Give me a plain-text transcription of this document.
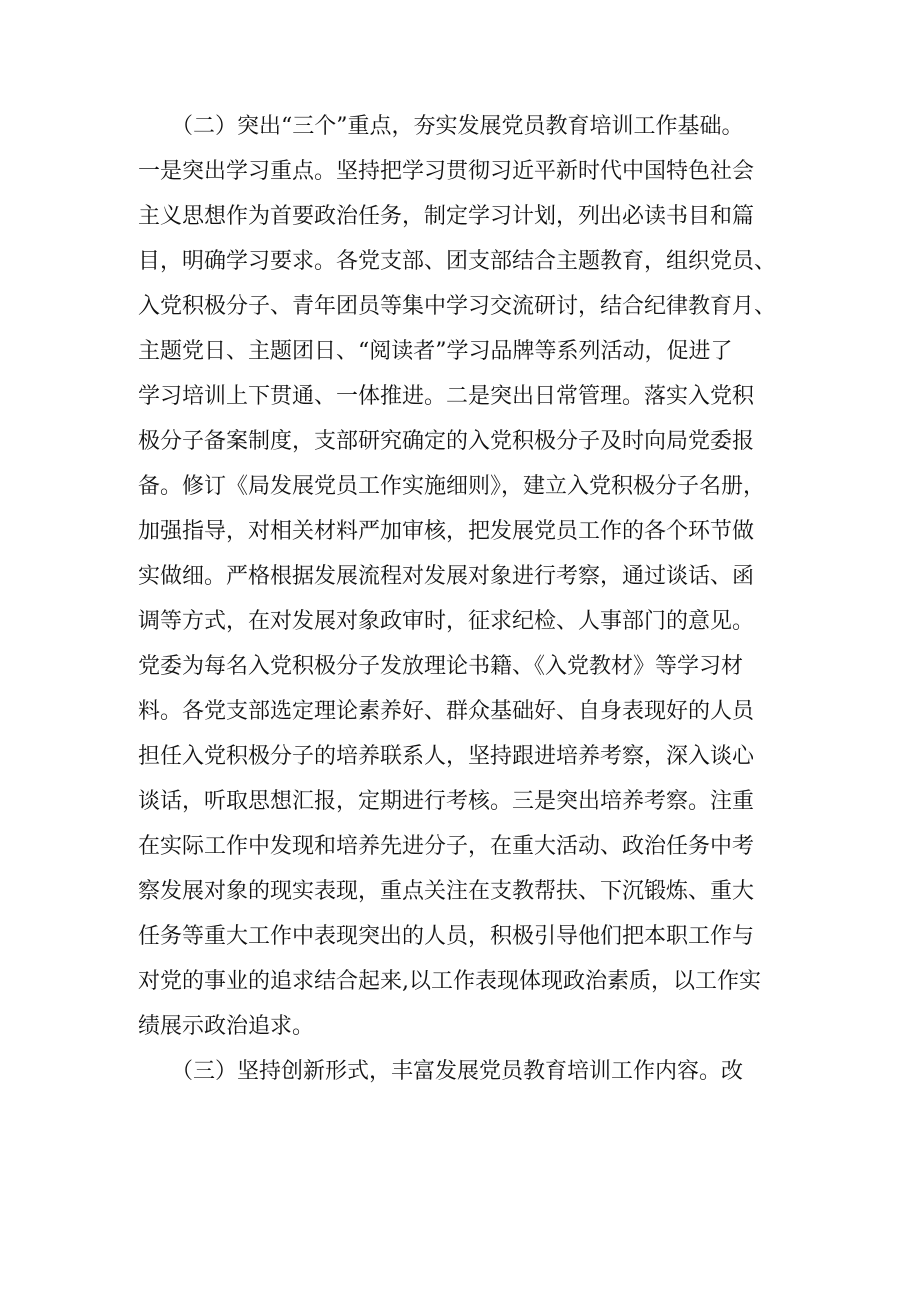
　　（二）突出“三个”重点，夯实发展党员教育培训工作基础。
一是突出学习重点。坚持把学习贯彻习近平新时代中国特色社会
主义思想作为首要政治任务，制定学习计划，列出必读书目和篇
目，明确学习要求。各党支部、团支部结合主题教育，组织党员、
入党积极分子、青年团员等集中学习交流研讨，结合纪律教育月、
主题党日、主题团日、“阅读者”学习品牌等系列活动，促进了
学习培训上下贯通、一体推进。二是突出日常管理。落实入党积
极分子备案制度，支部研究确定的入党积极分子及时向局党委报
备。修订《局发展党员工作实施细则》，建立入党积极分子名册，
加强指导，对相关材料严加审核，把发展党员工作的各个环节做
实做细。严格根据发展流程对发展对象进行考察，通过谈话、函
调等方式，在对发展对象政审时，征求纪检、人事部门的意见。
党委为每名入党积极分子发放理论书籍、《入党教材》等学习材
料。各党支部选定理论素养好、群众基础好、自身表现好的人员
担任入党积极分子的培养联系人，坚持跟进培养考察，深入谈心
谈话，听取思想汇报，定期进行考核。三是突出培养考察。注重
在实际工作中发现和培养先进分子，在重大活动、政治任务中考
察发展对象的现实表现，重点关注在支教帮扶、下沉锻炼、重大
任务等重大工作中表现突出的人员，积极引导他们把本职工作与
对党的事业的追求结合起来,以工作表现体现政治素质，以工作实
绩展示政治追求。
　　（三）坚持创新形式，丰富发展党员教育培训工作内容。改
